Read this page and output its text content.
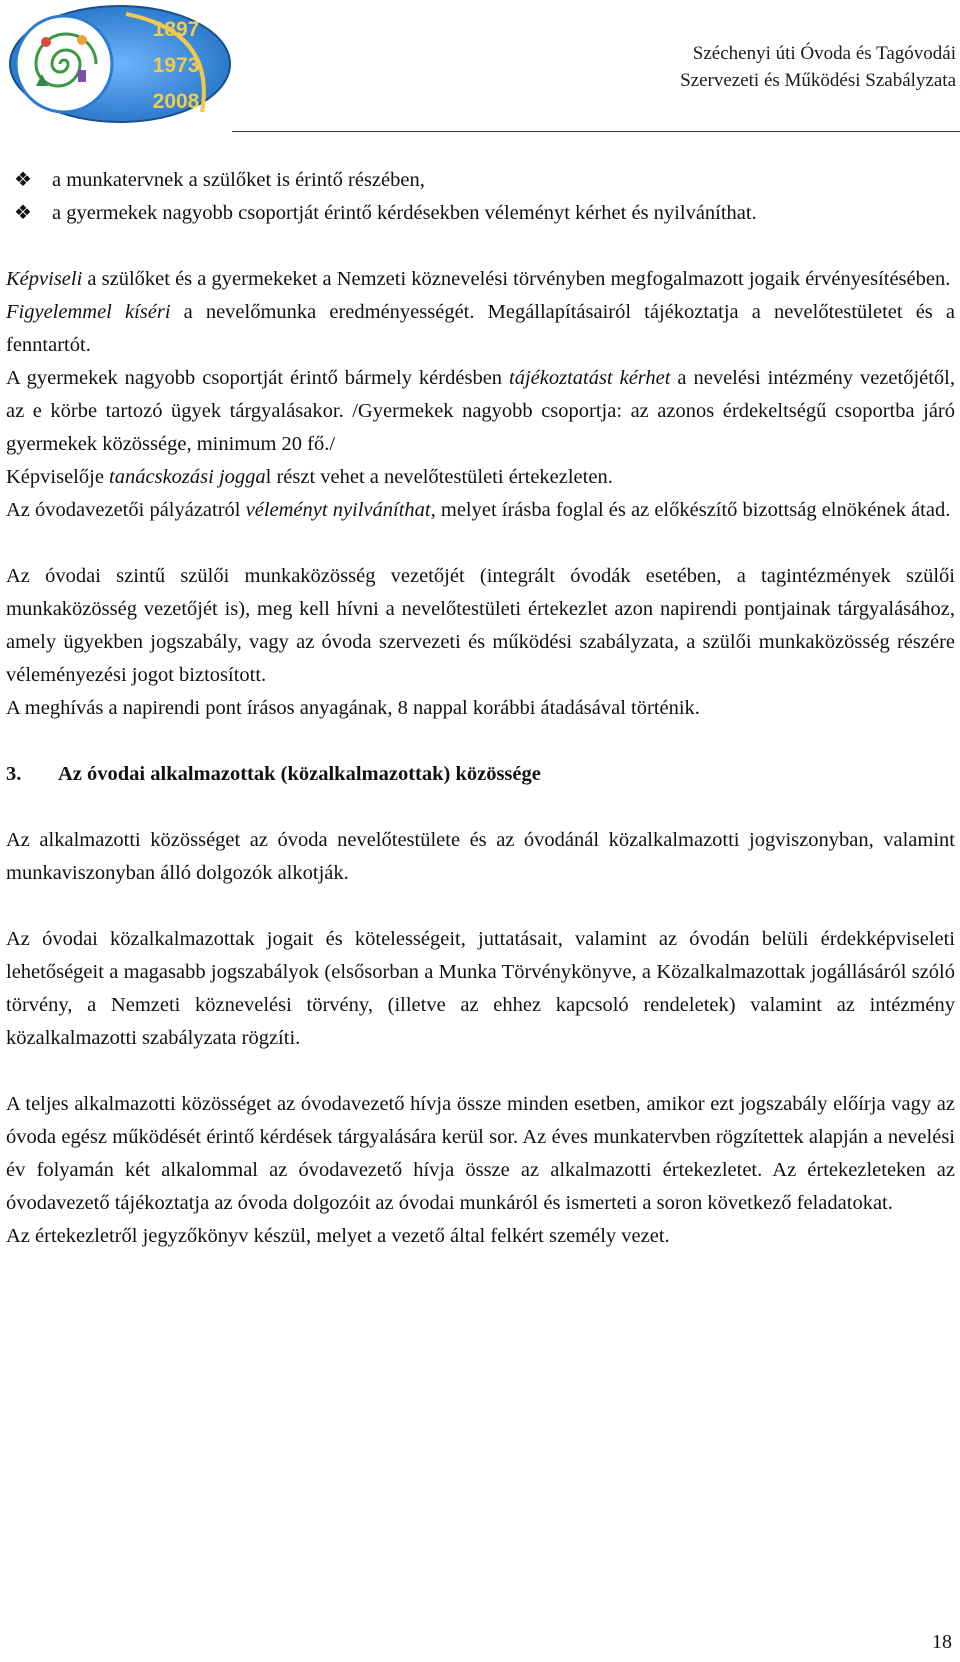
1897
1973
2008
Széchenyi úti Óvoda és Tagóvodái
Szervezeti és Működési Szabályzata
❖ a munkatervnek a szülőket is érintő részében,
❖ a gyermekek nagyobb csoportját érintő kérdésekben véleményt kérhet és nyilváníthat.

Képviseli a szülőket és a gyermekeket a Nemzeti köznevelési törvényben megfogalmazott jogaik érvényesítésében.

Figyelemmel kíséri a nevelőmunka eredményességét. Megállapításairól tájékoztatja a nevelőtestületet és a fenntartót.

A gyermekek nagyobb csoportját érintő bármely kérdésben tájékoztatást kérhet a nevelési intézmény vezetőjétől, az e körbe tartozó ügyek tárgyalásakor. /Gyermekek nagyobb csoportja: az azonos érdekeltségű csoportba járó gyermekek közössége, minimum 20 fő./

Képviselője tanácskozási joggal részt vehet a nevelőtestületi értekezleten.

Az óvodavezetői pályázatról véleményt nyilváníthat, melyet írásba foglal és az előkészítő bizottság elnökének átad.

Az óvodai szintű szülői munkaközösség vezetőjét (integrált óvodák esetében, a tagintézmények szülői munkaközösség vezetőjét is), meg kell hívni a nevelőtestületi értekezlet azon napirendi pontjainak tárgyalásához, amely ügyekben jogszabály, vagy az óvoda szervezeti és működési szabályzata, a szülői munkaközösség részére véleményezési jogot biztosított.

A meghívás a napirendi pont írásos anyagának, 8 nappal korábbi átadásával történik.

3.	Az óvodai alkalmazottak (közalkalmazottak) közössége

Az alkalmazotti közösséget az óvoda nevelőtestülete és az óvodánál közalkalmazotti jogviszonyban, valamint munkaviszonyban álló dolgozók alkotják.

Az óvodai közalkalmazottak jogait és kötelességeit, juttatásait, valamint az óvodán belüli érdekképviseleti lehetőségeit a magasabb jogszabályok (elsősorban a Munka Törvénykönyve, a Közalkalmazottak jogállásáról szóló törvény, a Nemzeti köznevelési törvény, (illetve az ehhez kapcsoló rendeletek) valamint az intézmény közalkalmazotti szabályzata rögzíti.

A teljes alkalmazotti közösséget az óvodavezető hívja össze minden esetben, amikor ezt jogszabály előírja vagy az óvoda egész működését érintő kérdések tárgyalására kerül sor. Az éves munkatervben rögzítettek alapján a nevelési év folyamán két alkalommal az óvodavezető hívja össze az alkalmazotti értekezletet. Az értekezleteken az óvodavezető tájékoztatja az óvoda dolgozóit az óvodai munkáról és ismerteti a soron következő feladatokat.

Az értekezletről jegyzőkönyv készül, melyet a vezető által felkért személy vezet.

18
